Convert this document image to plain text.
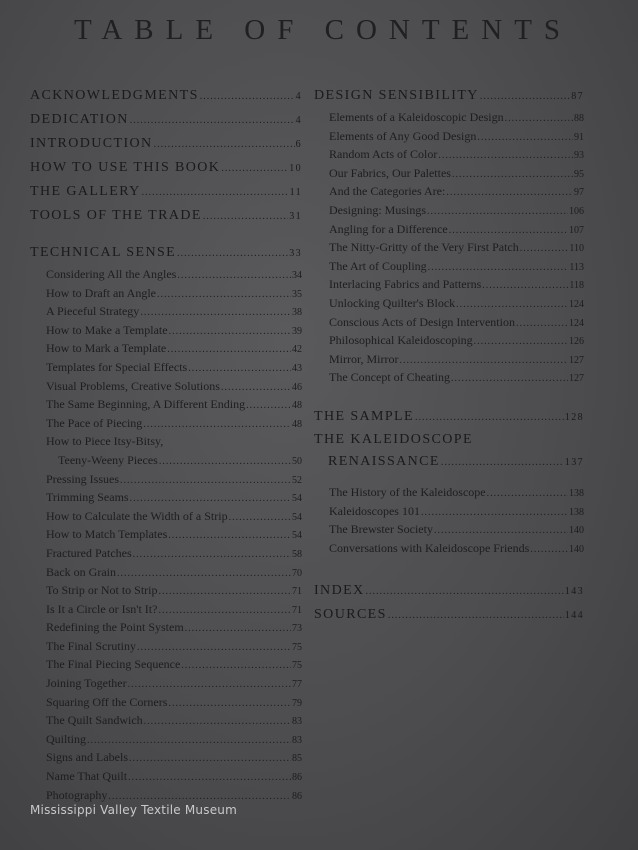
TABLE OF CONTENTS
ACKNOWLEDGMENTS .....	4
DEDICATION .....	4
INTRODUCTION .....	6
HOW TO USE THIS BOOK .....	10
THE GALLERY .....	11
TOOLS OF THE TRADE .....	31
TECHNICAL SENSE .....	33
Considering All the Angles .....	34
How to Draft an Angle .....	35
A Pieceful Strategy .....	38
How to Make a Template .....	39
How to Mark a Template .....	42
Templates for Special Effects .....	43
Visual Problems, Creative Solutions .....	46
The Same Beginning, A Different Ending .....	48
The Pace of Piecing .....	48
How to Piece Itsy-Bitsy,
Teeny-Weeny Pieces .....	50
Pressing Issues .....	52
Trimming Seams .....	54
How to Calculate the Width of a Strip .....	54
How to Match Templates .....	54
Fractured Patches .....	58
Back on Grain .....	70
To Strip or Not to Strip .....	71
Is It a Circle or Isn't It? .....	71
Redefining the Point System .....	73
The Final Scrutiny .....	75
The Final Piecing Sequence .....	75
Joining Together .....	77
Squaring Off the Corners .....	79
The Quilt Sandwich .....	83
Quilting .....	83
Signs and Labels .....	85
Name That Quilt .....	86
Photography .....	86
DESIGN SENSIBILITY .....	87
Elements of a Kaleidoscopic Design .....	88
Elements of Any Good Design .....	91
Random Acts of Color .....	93
Our Fabrics, Our Palettes .....	95
And the Categories Are: .....	97
Designing: Musings .....	106
Angling for a Difference .....	107
The Nitty-Gritty of the Very First Patch .....	110
The Art of Coupling .....	113
Interlacing Fabrics and Patterns .....	118
Unlocking Quilter's Block .....	124
Conscious Acts of Design Intervention .....	124
Philosophical Kaleidoscoping .....	126
Mirror, Mirror .....	127
The Concept of Cheating .....	127
THE SAMPLE .....	128
THE KALEIDOSCOPE
RENAISSANCE .....	137
The History of the Kaleidoscope .....	138
Kaleidoscopes 101 .....	138
The Brewster Society .....	140
Conversations with Kaleidoscope Friends .....	140
INDEX .....	143
SOURCES .....	144
Mississippi Valley Textile Museum
